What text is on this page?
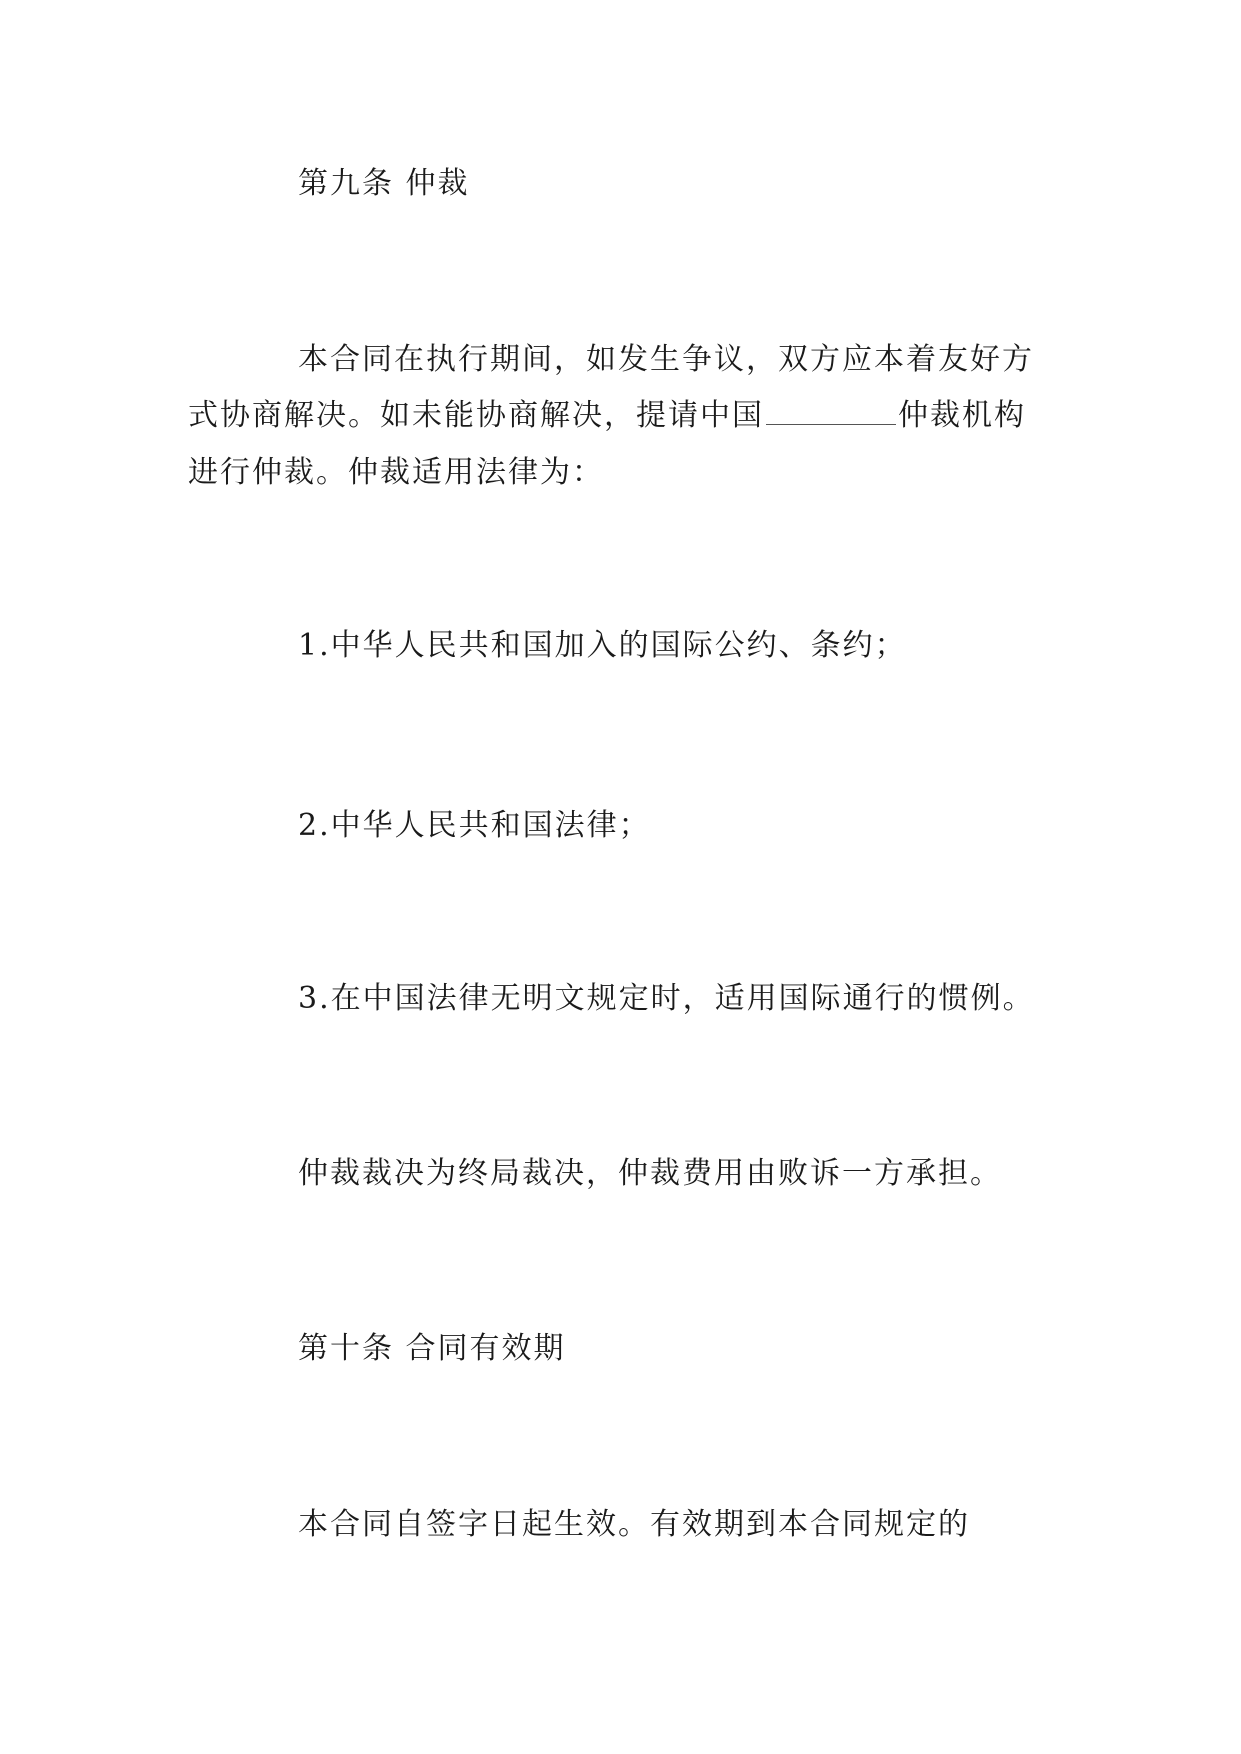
第九条 仲裁
本合同在执行期间，如发生争议，双方应本着友好方
式协商解决。如未能协商解决，提请中国	仲裁机构
进行仲裁。仲裁适用法律为：
1.中华人民共和国加入的国际公约、条约；
2.中华人民共和国法律；
3.在中国法律无明文规定时，适用国际通行的惯例。
仲裁裁决为终局裁决，仲裁费用由败诉一方承担。
第十条 合同有效期
本合同自签字日起生效。有效期到本合同规定的
